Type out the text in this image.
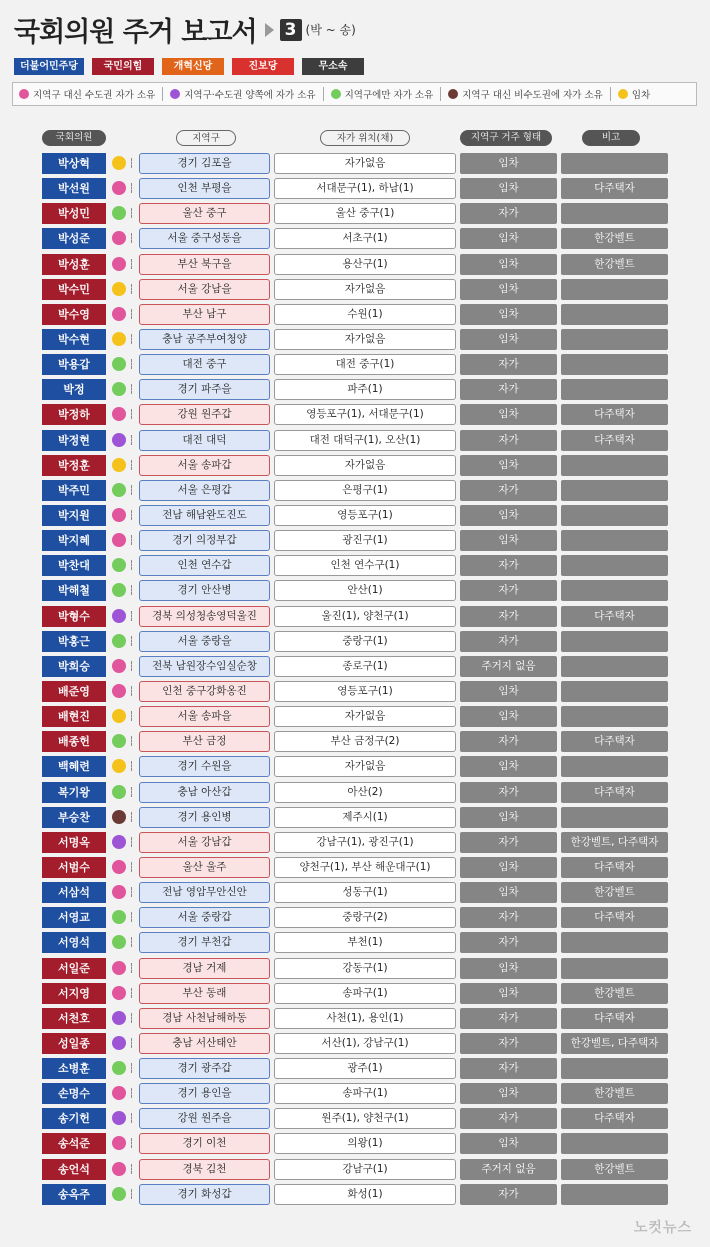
국회의원 주거 보고서 3 (박 ~ 송)
더불어민주당	국민의힘	개혁신당	진보당	무소속
지역구 대신 수도권 자가 소유	지역구·수도권 양쪽에 자가 소유	지역구에만 자가 소유	지역구 대신 비수도권에 자가 소유	임차
국회의원	지역구	자가 위치(채)	지역구 거주 형태	비고
박상혁	경기 김포을	자가없음	임차
박선원	인천 부평을	서대문구(1), 하남(1)	임차	다주택자
박성민	울산 중구	울산 중구(1)	자가
박성준	서울 중구성동을	서초구(1)	임차	한강벨트
박성훈	부산 북구을	용산구(1)	임차	한강벨트
박수민	서울 강남을	자가없음	임차
박수영	부산 남구	수원(1)	임차
박수현	충남 공주부여청양	자가없음	임차
박용갑	대전 중구	대전 중구(1)	자가
박정	경기 파주을	파주(1)	자가
박정하	강원 원주갑	영등포구(1), 서대문구(1)	임차	다주택자
박정현	대전 대덕	대전 대덕구(1), 오산(1)	자가	다주택자
박정훈	서울 송파갑	자가없음	임차
박주민	서울 은평갑	은평구(1)	자가
박지원	전남 해남완도진도	영등포구(1)	임차
박지혜	경기 의정부갑	광진구(1)	임차
박찬대	인천 연수갑	인천 연수구(1)	자가
박해철	경기 안산병	안산(1)	자가
박형수	경북 의성청송영덕울진	울진(1), 양천구(1)	자가	다주택자
박홍근	서울 중랑을	중랑구(1)	자가
박희승	전북 남원장수임실순창	종로구(1)	주거지 없음
배준영	인천 중구강화옹진	영등포구(1)	임차
배현진	서울 송파을	자가없음	임차
배종헌	부산 금정	부산 금정구(2)	자가	다주택자
백혜련	경기 수원을	자가없음	임차
복기왕	충남 아산갑	아산(2)	자가	다주택자
부승찬	경기 용인병	제주시(1)	임차
서명옥	서울 강남갑	강남구(1), 광진구(1)	자가	한강벨트, 다주택자
서범수	울산 울주	양천구(1), 부산 해운대구(1)	임차	다주택자
서삼석	전남 영암무안신안	성동구(1)	임차	한강벨트
서영교	서울 중랑갑	중랑구(2)	자가	다주택자
서영석	경기 부천갑	부천(1)	자가
서일준	경남 거제	강동구(1)	임차
서지영	부산 동래	송파구(1)	임차	한강벨트
서천호	경남 사천남해하동	사천(1), 용인(1)	자가	다주택자
성일종	충남 서산태안	서산(1), 강남구(1)	자가	한강벨트, 다주택자
소병훈	경기 광주갑	광주(1)	자가
손명수	경기 용인을	송파구(1)	임차	한강벨트
송기헌	강원 원주을	원주(1), 양천구(1)	자가	다주택자
송석준	경기 이천	의왕(1)	임차
송언석	경북 김천	강남구(1)	주거지 없음	한강벨트
송옥주	경기 화성갑	화성(1)	자가
노컷뉴스
